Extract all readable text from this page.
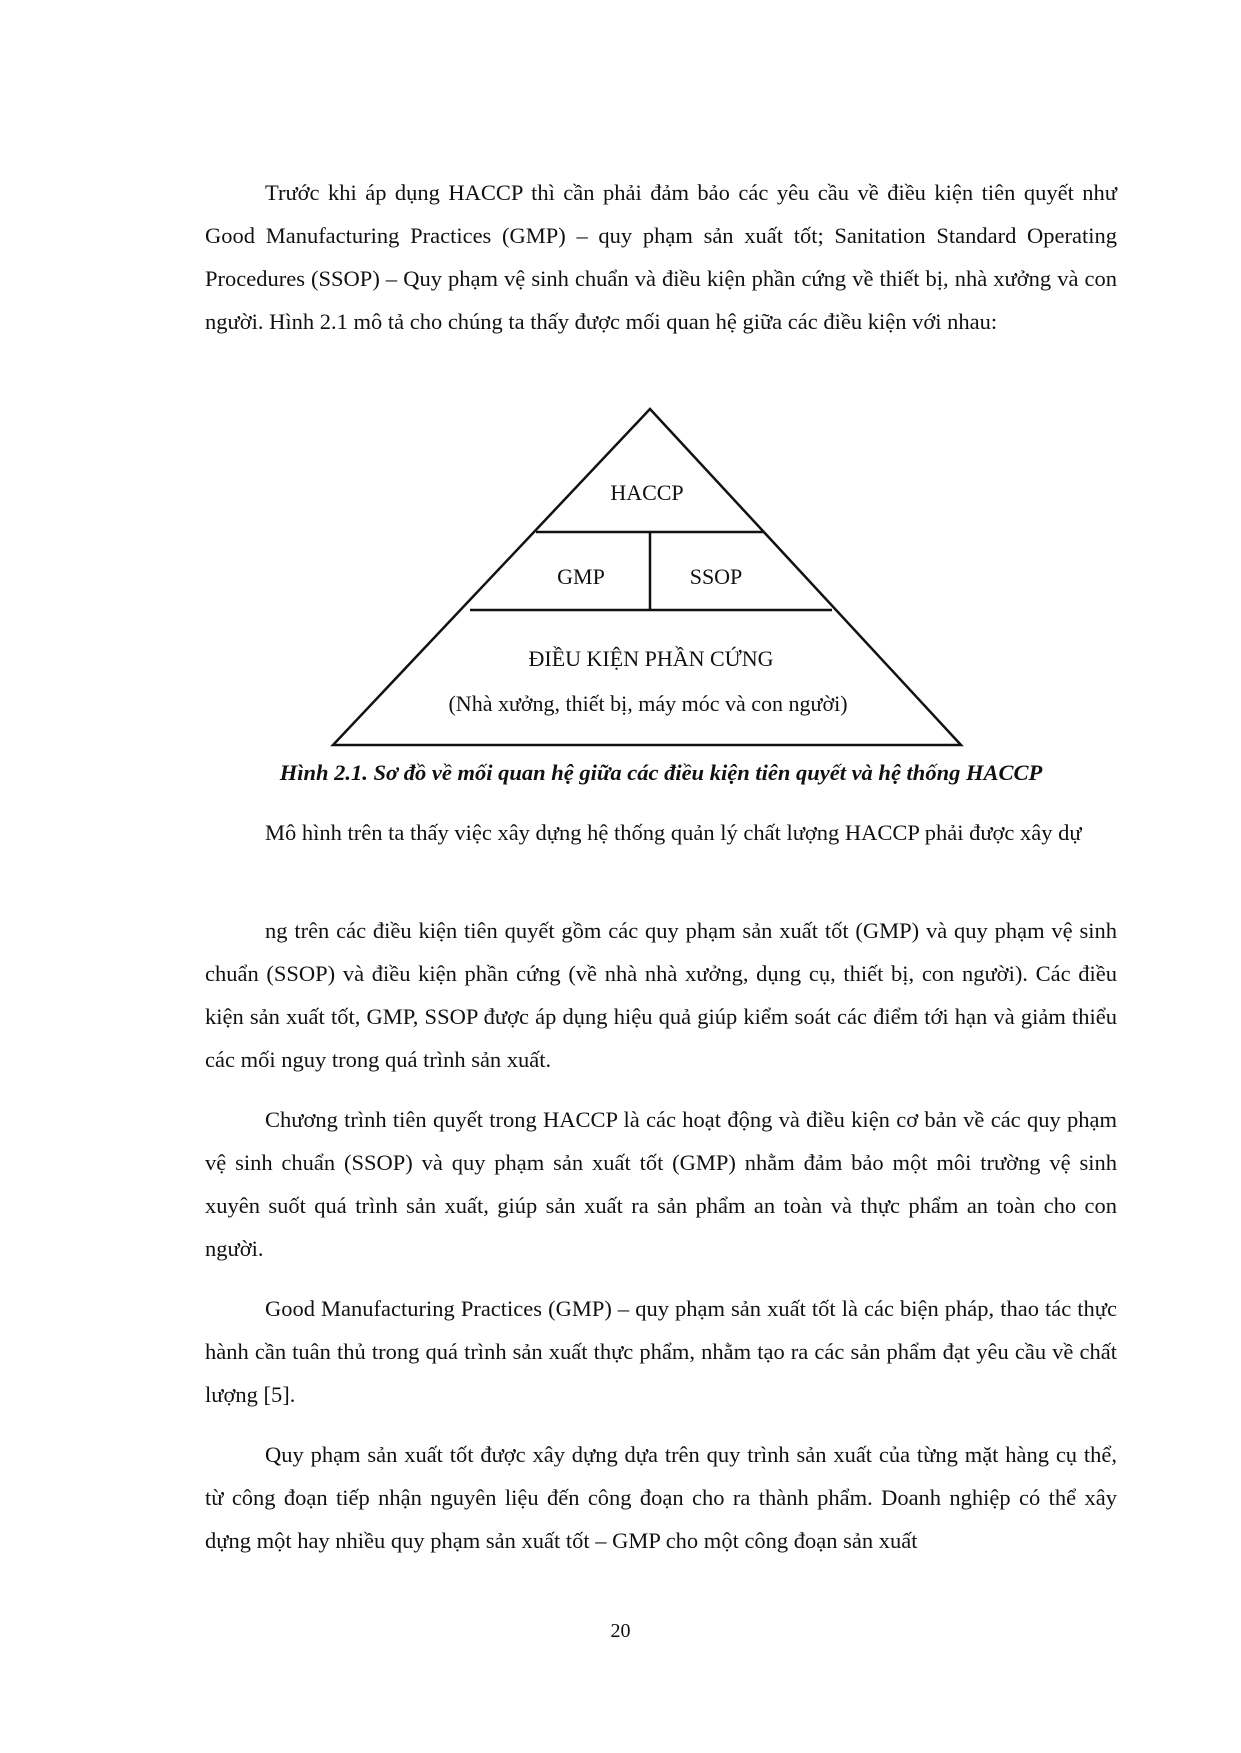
Trước khi áp dụng HACCP thì cần phải đảm bảo các yêu cầu về điều kiện tiên quyết như Good Manufacturing Practices (GMP) – quy phạm sản xuất tốt; Sanitation Standard Operating Procedures (SSOP) – Quy phạm vệ sinh chuẩn và điều kiện phần cứng về thiết bị, nhà xưởng và con người. Hình 2.1 mô tả cho chúng ta thấy được mối quan hệ giữa các điều kiện với nhau:

HACCP
GMP	SSOP
ĐIỀU KIỆN PHẦN CỨNG
(Nhà xưởng, thiết bị, máy móc và con người)

Hình 2.1. Sơ đồ về mối quan hệ giữa các điều kiện tiên quyết và hệ thống HACCP

Mô hình trên ta thấy việc xây dựng hệ thống quản lý chất lượng HACCP phải được xây dự

ng trên các điều kiện tiên quyết gồm các quy phạm sản xuất tốt (GMP) và quy phạm vệ sinh chuẩn (SSOP) và điều kiện phần cứng (về nhà nhà xưởng, dụng cụ, thiết bị, con người). Các điều kiện sản xuất tốt, GMP, SSOP được áp dụng hiệu quả giúp kiểm soát các điểm tới hạn và giảm thiểu các mối nguy trong quá trình sản xuất.

Chương trình tiên quyết trong HACCP là các hoạt động và điều kiện cơ bản về các quy phạm vệ sinh chuẩn (SSOP) và quy phạm sản xuất tốt (GMP) nhằm đảm bảo một môi trường vệ sinh xuyên suốt quá trình sản xuất, giúp sản xuất ra sản phẩm an toàn và thực phẩm an toàn cho con người.

Good Manufacturing Practices (GMP) – quy phạm sản xuất tốt là các biện pháp, thao tác thực hành cần tuân thủ trong quá trình sản xuất thực phẩm, nhằm tạo ra các sản phẩm đạt yêu cầu về chất lượng [5].

Quy phạm sản xuất tốt được xây dựng dựa trên quy trình sản xuất của từng mặt hàng cụ thể, từ công đoạn tiếp nhận nguyên liệu đến công đoạn cho ra thành phẩm. Doanh nghiệp có thể xây dựng một hay nhiều quy phạm sản xuất tốt – GMP cho một công đoạn sản xuất

20
